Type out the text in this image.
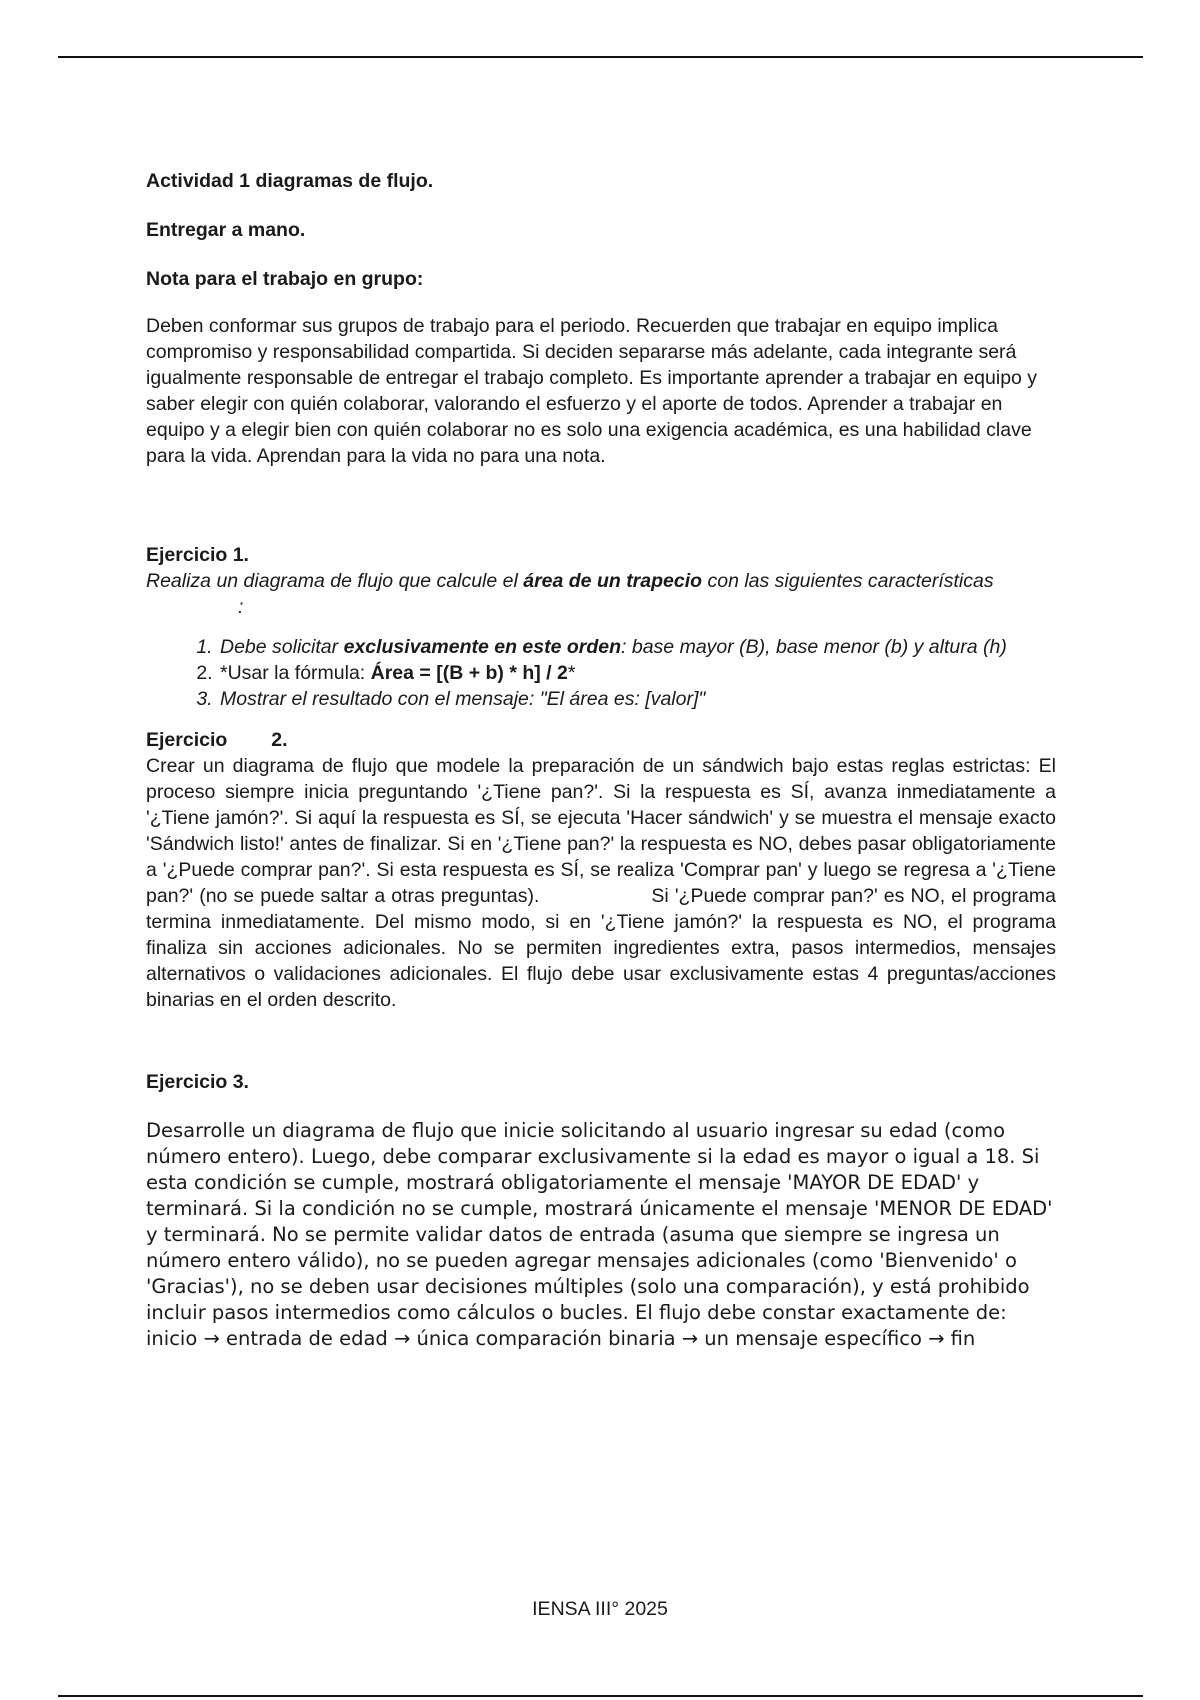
Actividad 1 diagramas de flujo.

Entregar a mano.

Nota para el trabajo en grupo:

Deben conformar sus grupos de trabajo para el periodo. Recuerden que trabajar en equipo implica compromiso y responsabilidad compartida. Si deciden separarse más adelante, cada integrante será igualmente responsable de entregar el trabajo completo. Es importante aprender a trabajar en equipo y saber elegir con quién colaborar, valorando el esfuerzo y el aporte de todos. Aprender a trabajar en equipo y a elegir bien con quién colaborar no es solo una exigencia académica, es una habilidad clave para la vida. Aprendan para la vida no para una nota.

Ejercicio 1.

Realiza un diagrama de flujo que calcule el área de un trapecio con las siguientes características:

1. Debe solicitar exclusivamente en este orden: base mayor (B), base menor (b) y altura (h)
2. *Usar la fórmula: Área = [(B + b) * h] / 2*
3. Mostrar el resultado con el mensaje: "El área es: [valor]"

Ejercicio 2.

Crear un diagrama de flujo que modele la preparación de un sándwich bajo estas reglas estrictas: El proceso siempre inicia preguntando '¿Tiene pan?'. Si la respuesta es SÍ, avanza inmediatamente a '¿Tiene jamón?'. Si aquí la respuesta es SÍ, se ejecuta 'Hacer sándwich' y se muestra el mensaje exacto 'Sándwich listo!' antes de finalizar. Si en '¿Tiene pan?' la respuesta es NO, debes pasar obligatoriamente a '¿Puede comprar pan?'. Si esta respuesta es SÍ, se realiza 'Comprar pan' y luego se regresa a '¿Tiene pan?' (no se puede saltar a otras preguntas).	Si '¿Puede comprar pan?' es NO, el programa termina inmediatamente. Del mismo modo, si en '¿Tiene jamón?' la respuesta es NO, el programa finaliza sin acciones adicionales. No se permiten ingredientes extra, pasos intermedios, mensajes alternativos o validaciones adicionales. El flujo debe usar exclusivamente estas 4 preguntas/acciones binarias en el orden descrito.

Ejercicio 3.

Desarrolle un diagrama de flujo que inicie solicitando al usuario ingresar su edad (como número entero). Luego, debe comparar exclusivamente si la edad es mayor o igual a 18. Si esta condición se cumple, mostrará obligatoriamente el mensaje 'MAYOR DE EDAD' y terminará. Si la condición no se cumple, mostrará únicamente el mensaje 'MENOR DE EDAD' y terminará. No se permite validar datos de entrada (asuma que siempre se ingresa un número entero válido), no se pueden agregar mensajes adicionales (como 'Bienvenido' o 'Gracias'), no se deben usar decisiones múltiples (solo una comparación), y está prohibido incluir pasos intermedios como cálculos o bucles. El flujo debe constar exactamente de: inicio → entrada de edad → única comparación binaria → un mensaje específico → fin

IENSA III° 2025
